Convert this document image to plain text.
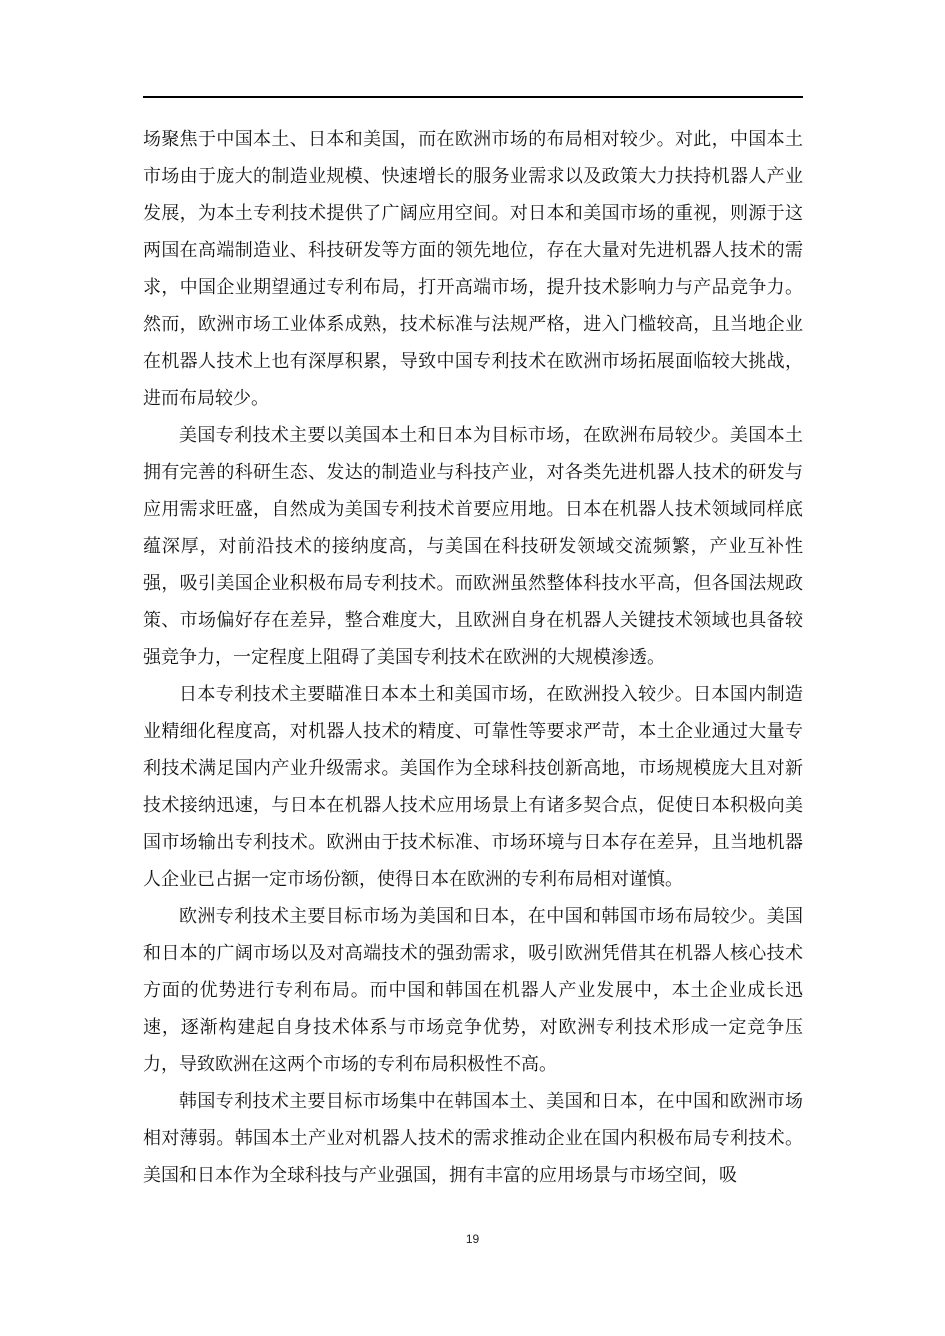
场聚焦于中国本土、日本和美国，而在欧洲市场的布局相对较少。对此，中国本土市场由于庞大的制造业规模、快速增长的服务业需求以及政策大力扶持机器人产业发展，为本土专利技术提供了广阔应用空间。对日本和美国市场的重视，则源于这两国在高端制造业、科技研发等方面的领先地位，存在大量对先进机器人技术的需求，中国企业期望通过专利布局，打开高端市场，提升技术影响力与产品竞争力。然而，欧洲市场工业体系成熟，技术标准与法规严格，进入门槛较高，且当地企业在机器人技术上也有深厚积累，导致中国专利技术在欧洲市场拓展面临较大挑战，进而布局较少。

美国专利技术主要以美国本土和日本为目标市场，在欧洲布局较少。美国本土拥有完善的科研生态、发达的制造业与科技产业，对各类先进机器人技术的研发与应用需求旺盛，自然成为美国专利技术首要应用地。日本在机器人技术领域同样底蕴深厚，对前沿技术的接纳度高，与美国在科技研发领域交流频繁，产业互补性强，吸引美国企业积极布局专利技术。而欧洲虽然整体科技水平高，但各国法规政策、市场偏好存在差异，整合难度大，且欧洲自身在机器人关键技术领域也具备较强竞争力，一定程度上阻碍了美国专利技术在欧洲的大规模渗透。

日本专利技术主要瞄准日本本土和美国市场，在欧洲投入较少。日本国内制造业精细化程度高，对机器人技术的精度、可靠性等要求严苛，本土企业通过大量专利技术满足国内产业升级需求。美国作为全球科技创新高地，市场规模庞大且对新技术接纳迅速，与日本在机器人技术应用场景上有诸多契合点，促使日本积极向美国市场输出专利技术。欧洲由于技术标准、市场环境与日本存在差异，且当地机器人企业已占据一定市场份额，使得日本在欧洲的专利布局相对谨慎。

欧洲专利技术主要目标市场为美国和日本，在中国和韩国市场布局较少。美国和日本的广阔市场以及对高端技术的强劲需求，吸引欧洲凭借其在机器人核心技术方面的优势进行专利布局。而中国和韩国在机器人产业发展中，本土企业成长迅速，逐渐构建起自身技术体系与市场竞争优势，对欧洲专利技术形成一定竞争压力，导致欧洲在这两个市场的专利布局积极性不高。

韩国专利技术主要目标市场集中在韩国本土、美国和日本，在中国和欧洲市场相对薄弱。韩国本土产业对机器人技术的需求推动企业在国内积极布局专利技术。美国和日本作为全球科技与产业强国，拥有丰富的应用场景与市场空间，吸

19
